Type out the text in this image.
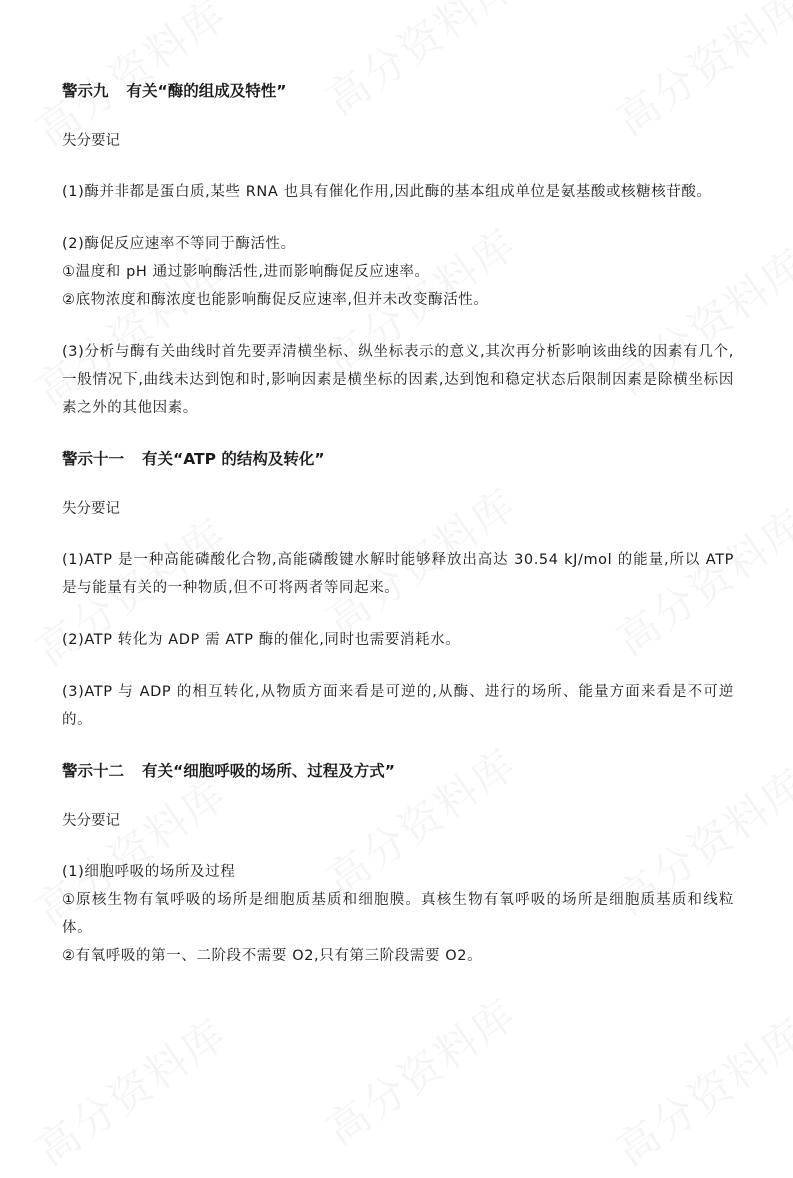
警示九 有关“酶的组成及特性”

失分要记

(1)酶并非都是蛋白质,某些 RNA 也具有催化作用,因此酶的基本组成单位是氨基酸或核糖核苷酸。

(2)酶促反应速率不等同于酶活性。

①温度和 pH 通过影响酶活性,进而影响酶促反应速率。

②底物浓度和酶浓度也能影响酶促反应速率,但并未改变酶活性。

(3)分析与酶有关曲线时首先要弄清横坐标、纵坐标表示的意义,其次再分析影响该曲线的因素有几个,一般情况下,曲线未达到饱和时,影响因素是横坐标的因素,达到饱和稳定状态后限制因素是除横坐标因素之外的其他因素。

警示十一 有关“ATP 的结构及转化”

失分要记

(1)ATP 是一种高能磷酸化合物,高能磷酸键水解时能够释放出高达 30.54 kJ/mol 的能量,所以 ATP 是与能量有关的一种物质,但不可将两者等同起来。

(2)ATP 转化为 ADP 需 ATP 酶的催化,同时也需要消耗水。

(3)ATP 与 ADP 的相互转化,从物质方面来看是可逆的,从酶、进行的场所、能量方面来看是不可逆的。

警示十二 有关“细胞呼吸的场所、过程及方式”

失分要记

(1)细胞呼吸的场所及过程

①原核生物有氧呼吸的场所是细胞质基质和细胞膜。真核生物有氧呼吸的场所是细胞质基质和线粒体。

②有氧呼吸的第一、二阶段不需要 O2,只有第三阶段需要 O2。
